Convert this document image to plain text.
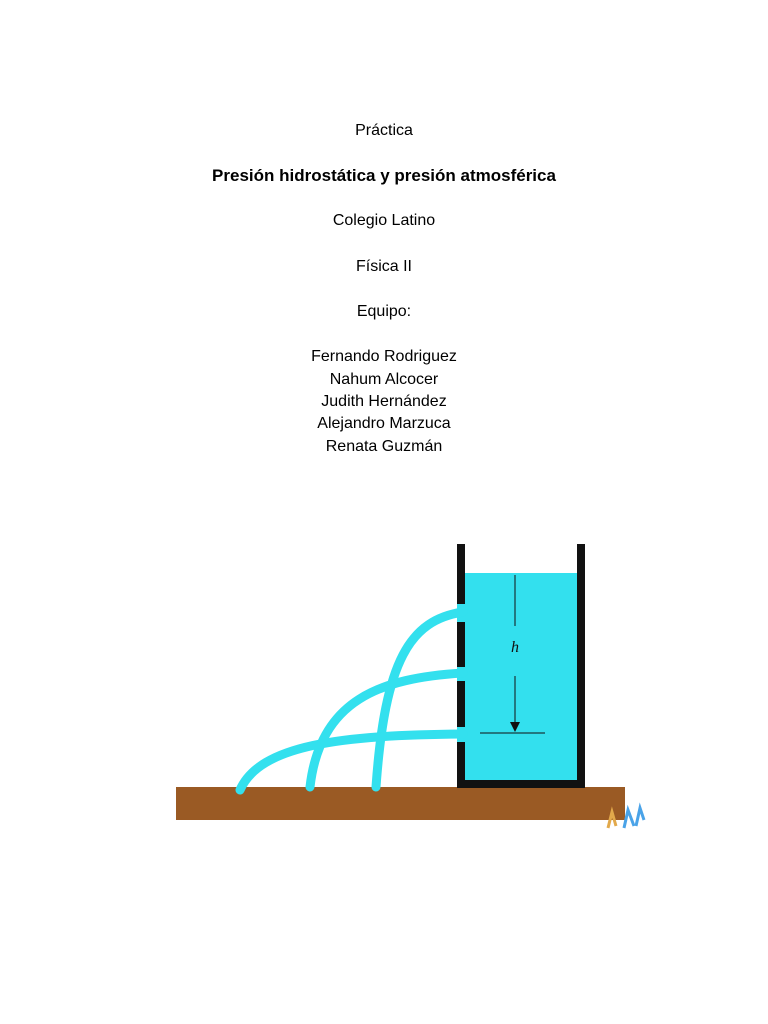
Práctica
Presión hidrostática y presión atmosférica
Colegio Latino
Física II
Equipo:
Fernando Rodriguez
Nahum Alcocer
Judith Hernández
Alejandro Marzuca
Renata Guzmán
h
